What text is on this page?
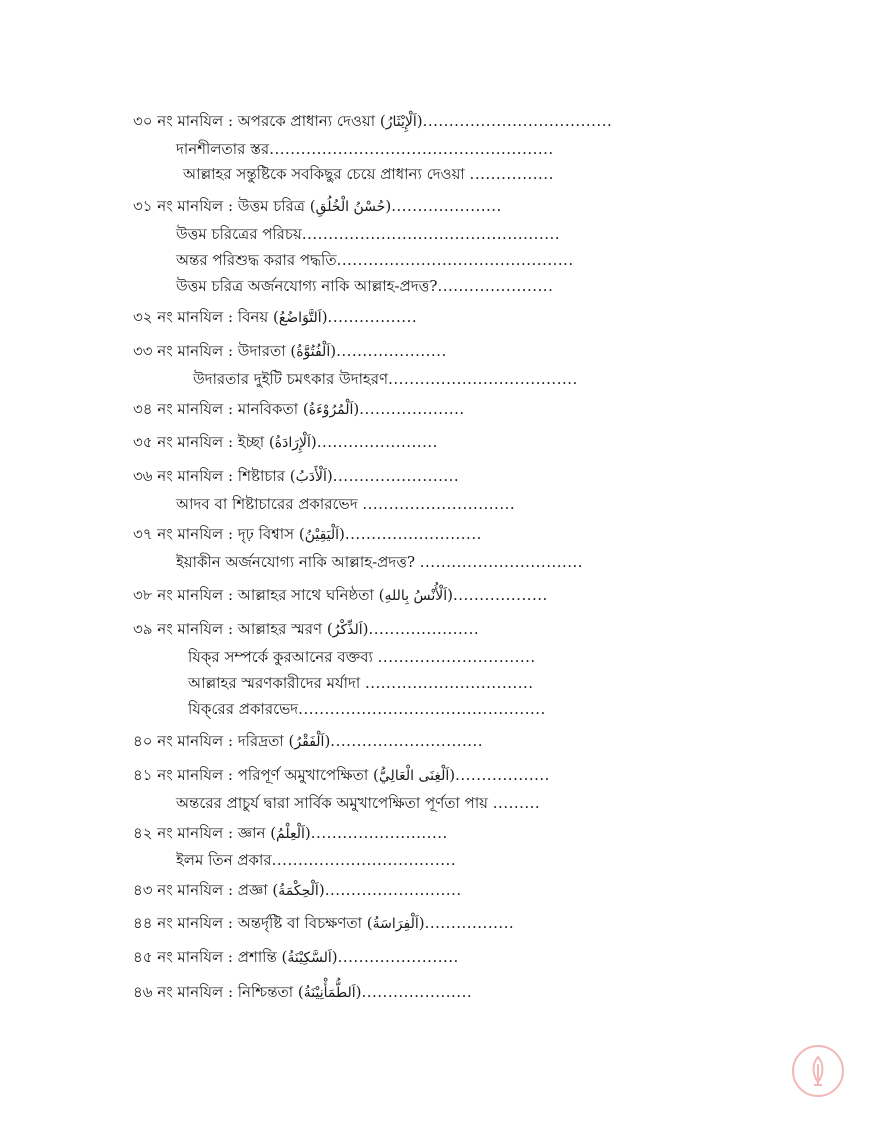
৩০ নং মানযিল : অপরকে প্রাধান্য দেওয়া (اَلْإِيْثَارُ)....................................
দানশীলতার স্তর......................................................
আল্লাহর সন্তুষ্টিকে সবকিছুর চেয়ে প্রাধান্য দেওয়া ................
৩১ নং মানযিল : উত্তম চরিত্র (حُسْنُ الْخُلُقِ).....................
উত্তম চরিত্রের পরিচয়.................................................
অন্তর পরিশুদ্ধ করার পদ্ধতি.............................................
উত্তম চরিত্র অর্জনযোগ্য নাকি আল্লাহ-প্রদত্ত?......................
৩২ নং মানযিল : বিনয় (اَلتَّوَاضُعُ).................
৩৩ নং মানযিল : উদারতা (اَلْفُتُوَّةُ).....................
উদারতার দুইটি চমৎকার উদাহরণ....................................
৩৪ নং মানযিল : মানবিকতা (اَلْمُرُوْءَةُ)....................
৩৫ নং মানযিল : ইচ্ছা (اَلْإِرَادَةُ).......................
৩৬ নং মানযিল : শিষ্টাচার (اَلْأَدَبُ)........................
আদব বা শিষ্টাচারের প্রকারভেদ .............................
৩৭ নং মানযিল : দৃঢ় বিশ্বাস (اَلْيَقِيْنُ)..........................
ইয়াকীন অর্জনযোগ্য নাকি আল্লাহ-প্রদত্ত? ...............................
৩৮ নং মানযিল : আল্লাহর সাথে ঘনিষ্ঠতা (اَلْأُنْسُ بِاللهِ)..................
৩৯ নং মানযিল : আল্লাহর স্মরণ (اَلذِّكْرُ).....................
যিক্‌র সম্পর্কে কুরআনের বক্তব্য ..............................
আল্লাহর স্মরণকারীদের মর্যাদা ................................
যিক্‌রের প্রকারভেদ...............................................
৪০ নং মানযিল : দরিদ্রতা (اَلْفَقْرُ).............................
৪১ নং মানযিল : পরিপূর্ণ অমুখাপেক্ষিতা (اَلْغِنَى الْعَالِيُّ)..................
অন্তরের প্রাচুর্য দ্বারা সার্বিক অমুখাপেক্ষিতা পূর্ণতা পায় .........
৪২ নং মানযিল : জ্ঞান (اَلْعِلْمُ)..........................
ইলম তিন প্রকার...................................
৪৩ নং মানযিল : প্রজ্ঞা (اَلْحِكْمَةُ)..........................
৪৪ নং মানযিল : অন্তর্দৃষ্টি বা বিচক্ষণতা (اَلْفِرَاسَةُ).................
৪৫ নং মানযিল : প্রশান্তি (اَلسَّكِيْنَةُ).......................
৪৬ নং মানযিল : নিশ্চিন্ততা (اَلطُّمَأْنِيْنَةُ).....................
